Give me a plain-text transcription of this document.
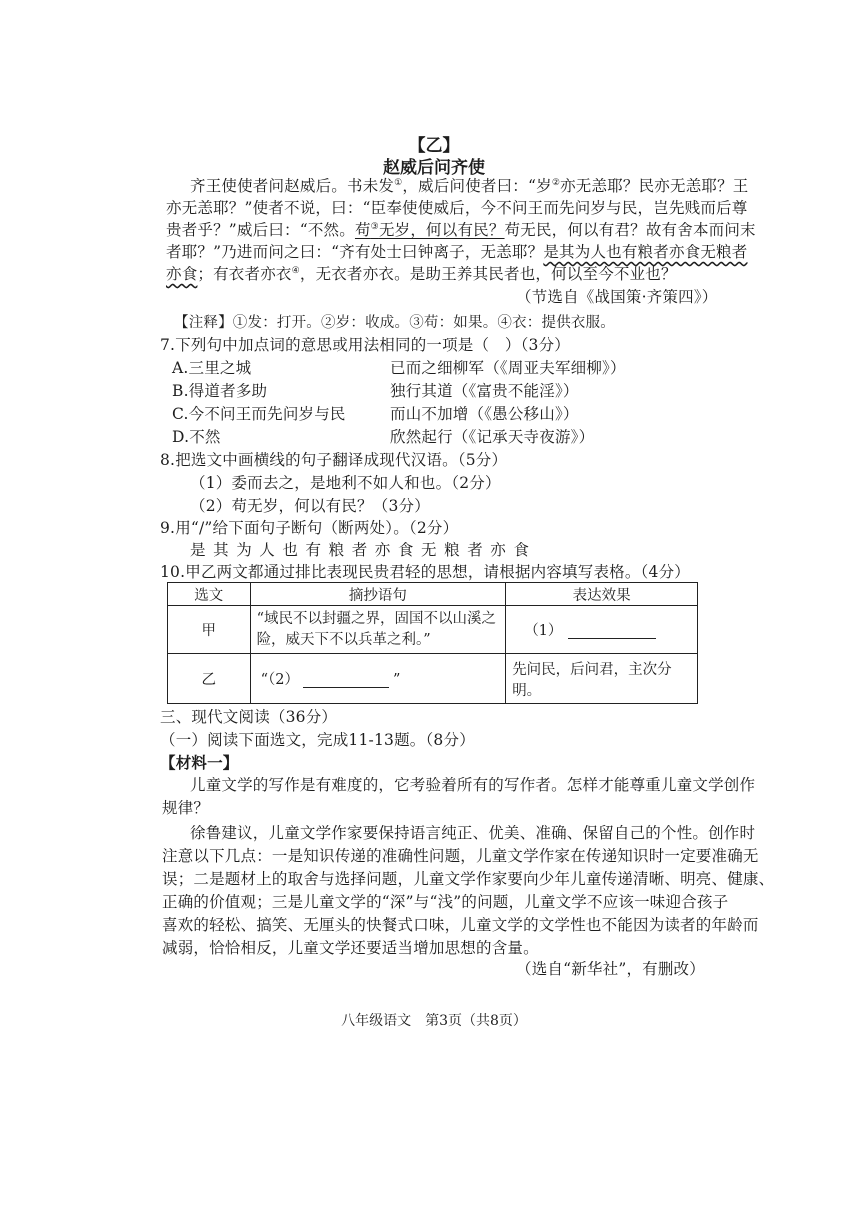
【乙】
赵威后问齐使
齐王使使者问赵威后。书未发①，威后问使者曰：“岁②亦无恙耶？民亦无恙耶？王
亦无恙耶？”使者不说，曰：“臣奉使使威后，今不问王而先问岁与民，岂先贱而后尊
贵者乎？”威后曰：“不然。苟③无岁，何以有民？苟无民，何以有君？故有舍本而问末
者耶？”乃进而问之曰：“齐有处士曰钟离子，无恙耶？是其为人也有粮者亦食无粮者
亦食；有衣者亦衣④，无衣者亦衣。是助王养其民者也，何以至今不业也？
（节选自《战国策·齐策四》）
【注释】①发：打开。②岁：收成。③苟：如果。④衣：提供衣服。
7.下列句中加点词的意思或用法相同的一项是（　）（3分）
A.三里之城	已而之细柳军（《周亚夫军细柳》）
B.得道者多助	独行其道（《富贵不能淫》）
C.今不问王而先问岁与民	而山不加增（《愚公移山》）
D.不然	欣然起行（《记承天寺夜游》）
8.把选文中画横线的句子翻译成现代汉语。（5分）
（1）委而去之，是地利不如人和也。（2分）
（2）苟无岁，何以有民？（3分）
9.用“/”给下面句子断句（断两处）。（2分）
是其为人也有粮者亦食无粮者亦食
10.甲乙两文都通过排比表现民贵君轻的思想，请根据内容填写表格。（4分）
选文	摘抄语句	表达效果
甲	“域民不以封疆之界，固国不以山溪之险，威天下不以兵革之利。”	（1）
乙	“（2） ”	先问民，后问君，主次分明。
三、现代文阅读（36分）
（一）阅读下面选文，完成11-13题。（8分）
【材料一】
儿童文学的写作是有难度的，它考验着所有的写作者。怎样才能尊重儿童文学创作
规律？
徐鲁建议，儿童文学作家要保持语言纯正、优美、准确、保留自己的个性。创作时
注意以下几点：一是知识传递的准确性问题，儿童文学作家在传递知识时一定要准确无
误；二是题材上的取舍与选择问题，儿童文学作家要向少年儿童传递清晰、明亮、健康、
正确的价值观；三是儿童文学的“深”与“浅”的问题，儿童文学不应该一味迎合孩子
喜欢的轻松、搞笑、无厘头的快餐式口味，儿童文学的文学性也不能因为读者的年龄而
减弱，恰恰相反，儿童文学还要适当增加思想的含量。
（选自“新华社”，有删改）
八年级语文　第3页（共8页）
